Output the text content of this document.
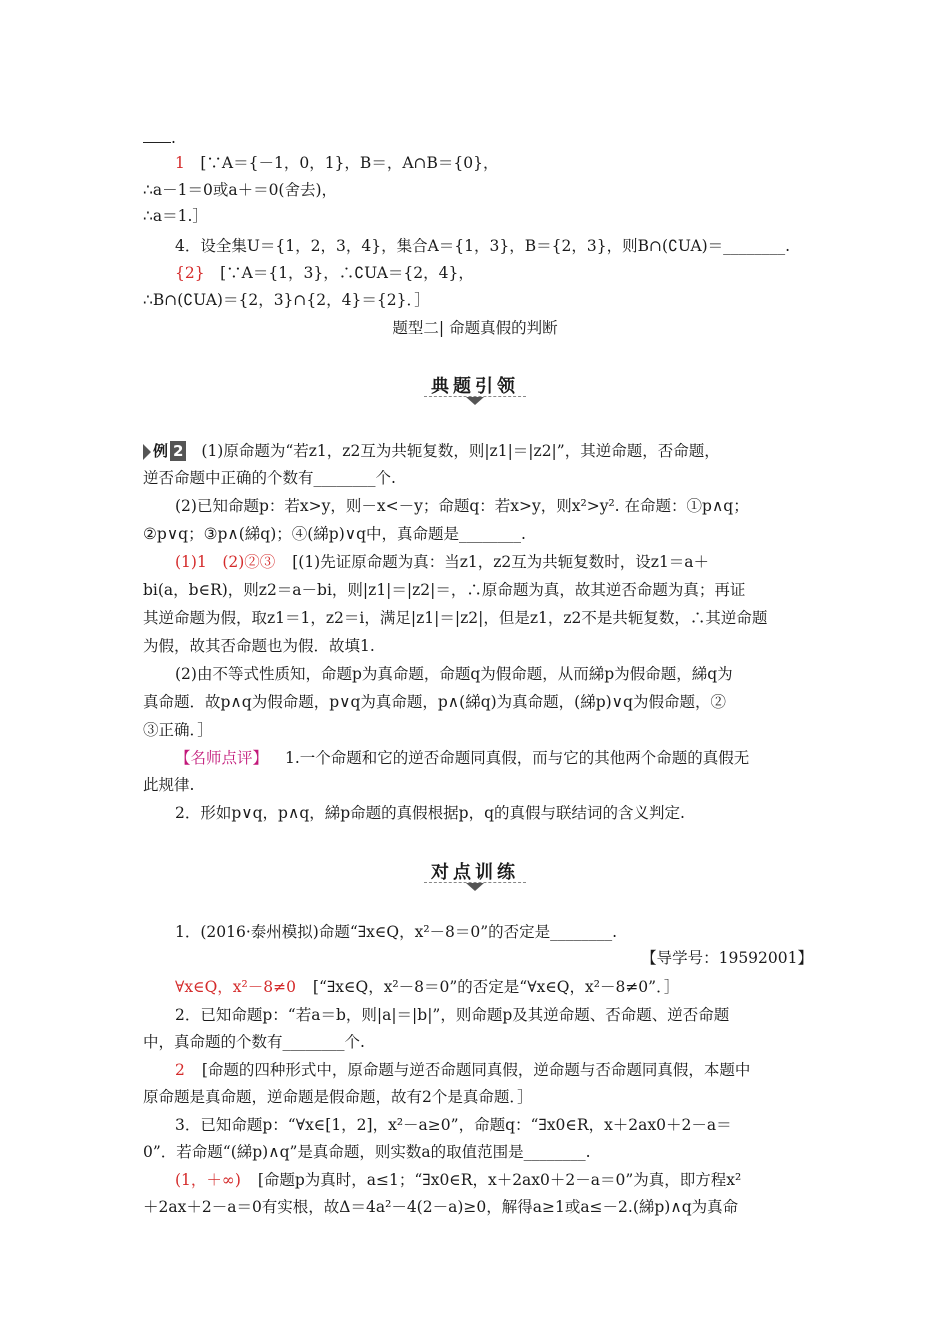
.
1　[∵A＝{－1，0，1}，B＝，A∩B＝{0}，
∴a－1＝0或a＋＝0(舍去)，
∴a＝1.］
4．设全集U＝{1，2，3，4}，集合A＝{1，3}，B＝{2，3}，则B∩(∁UA)＝________.
{2}　[∵A＝{1，3}，∴∁UA＝{2，4}，
∴B∩(∁UA)＝{2，3}∩{2，4}＝{2}．］
题型二| 命题真假的判断
典题引领
例 2 (1)原命题为“若z1，z2互为共轭复数，则|z1|＝|z2|”，其逆命题，否命题，
逆否命题中正确的个数有________个.
(2)已知命题p：若x>y，则－x<－y；命题q：若x>y，则x²>y². 在命题：①p∧q；
②p∨q；③p∧(綈q)；④(綈p)∨q中，真命题是________.
(1)1　(2)②③ [(1)先证原命题为真：当z1，z2互为共轭复数时，设z1＝a＋
bi(a，b∈R)，则z2＝a－bi，则|z1|＝|z2|＝，∴原命题为真，故其逆否命题为真；再证
其逆命题为假，取z1＝1，z2＝i，满足|z1|＝|z2|，但是z1，z2不是共轭复数，∴其逆命题
为假，故其否命题也为假．故填1.
(2)由不等式性质知，命题p为真命题，命题q为假命题，从而綈p为假命题，綈q为
真命题．故p∧q为假命题，p∨q为真命题，p∧(綈q)为真命题，(綈p)∨q为假命题，②
③正确．］
【名师点评】 1.一个命题和它的逆否命题同真假，而与它的其他两个命题的真假无
此规律.
2．形如p∨q，p∧q，綈p命题的真假根据p，q的真假与联结词的含义判定.
对点训练
1．(2016·泰州模拟)命题“∃x∈Q，x²－8＝0”的否定是________.
【导学号：19592001】
∀x∈Q，x²－8≠0 [“∃x∈Q，x²－8＝0”的否定是“∀x∈Q，x²－8≠0”．］
2．已知命题p：“若a＝b，则|a|＝|b|”，则命题p及其逆命题、否命题、逆否命题
中，真命题的个数有________个.
2 [命题的四种形式中，原命题与逆否命题同真假，逆命题与否命题同真假，本题中
原命题是真命题，逆命题是假命题，故有2个是真命题．］
3．已知命题p：“∀x∈[1，2]，x²－a≥0”，命题q：“∃x0∈R，x＋2ax0＋2－a＝
0”．若命题“(綈p)∧q”是真命题，则实数a的取值范围是________.
(1，＋∞) [命题p为真时，a≤1；“∃x0∈R，x＋2ax0＋2－a＝0”为真，即方程x²
＋2ax＋2－a＝0有实根，故Δ＝4a²－4(2－a)≥0，解得a≥1或a≤－2.(綈p)∧q为真命
